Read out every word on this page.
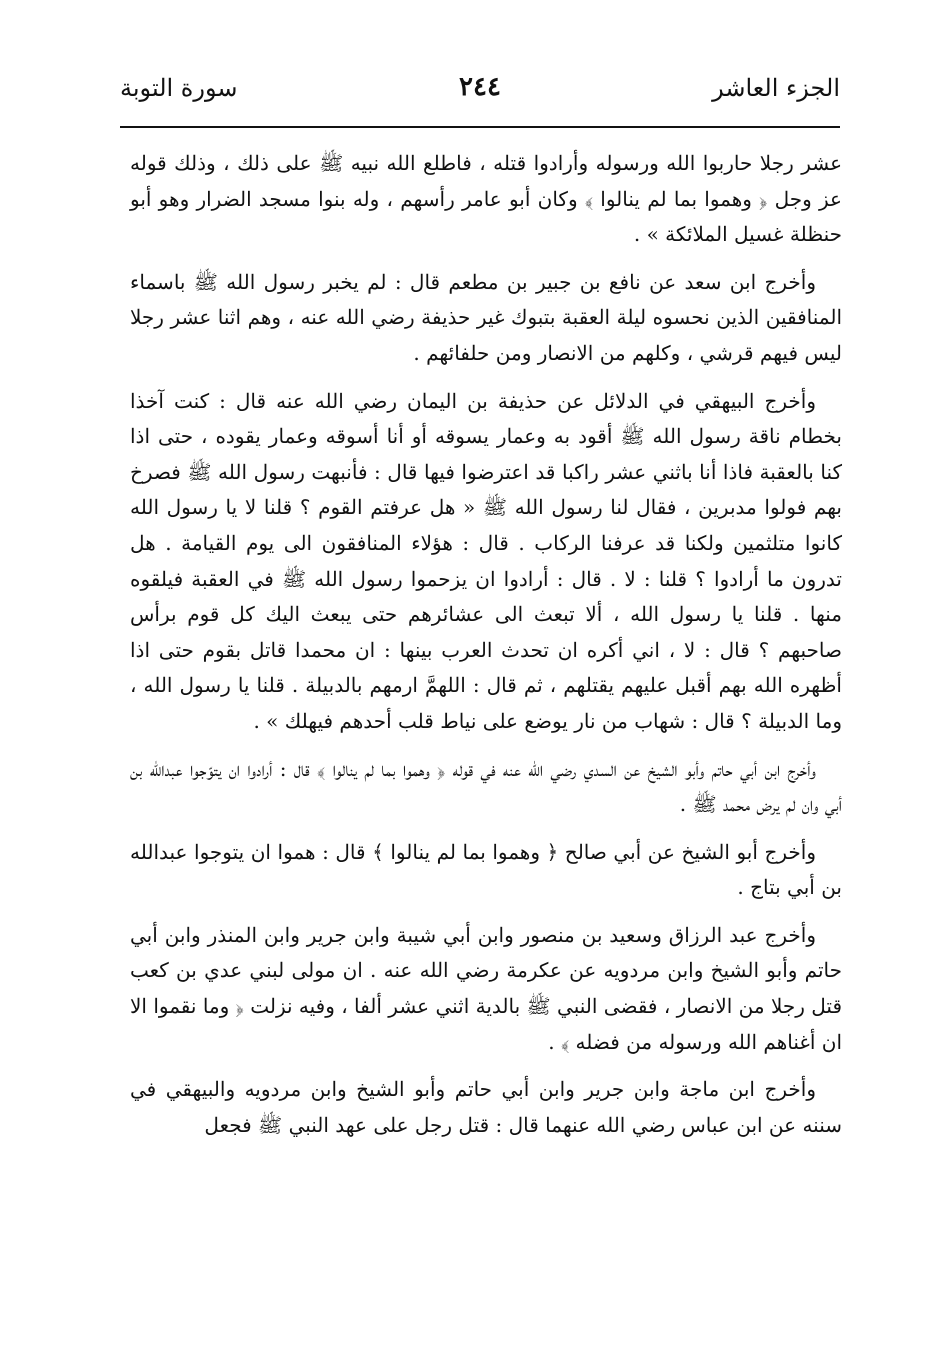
الجزء العاشر
٢٤٤
سورة التوبة

عشر رجلا حاربوا الله ورسوله وأرادوا قتله ، فاطلع الله نبيه ﷺ على ذلك ، وذلك قوله عز وجل ﴿ وهموا بما لم ينالوا ﴾ وكان أبو عامر رأسهم ، وله بنوا مسجد الضرار وهو أبو حنظلة غسيل الملائكة » .

وأخرج ابن سعد عن نافع بن جبير بن مطعم قال : لم يخبر رسول الله ﷺ باسماء المنافقين الذين نحسوه ليلة العقبة بتبوك غير حذيفة رضي الله عنه ، وهم اثنا عشر رجلا ليس فيهم قرشي ، وكلهم من الانصار ومن حلفائهم .

وأخرج البيهقي في الدلائل عن حذيفة بن اليمان رضي الله عنه قال : كنت آخذا بخطام ناقة رسول الله ﷺ أقود به وعمار يسوقه أو أنا أسوقه وعمار يقوده ، حتى اذا كنا بالعقبة فاذا أنا باثني عشر راكبا قد اعترضوا فيها قال : فأنبهت رسول الله ﷺ فصرخ بهم فولوا مدبرين ، فقال لنا رسول الله ﷺ « هل عرفتم القوم ؟ قلنا لا يا رسول الله كانوا متلثمين ولكنا قد عرفنا الركاب . قال : هؤلاء المنافقون الى يوم القيامة . هل تدرون ما أرادوا ؟ قلنا : لا . قال : أرادوا ان يزحموا رسول الله ﷺ في العقبة فيلقوه منها . قلنا يا رسول الله ، ألا تبعث الى عشائرهم حتى يبعث اليك كل قوم برأس صاحبهم ؟ قال : لا ، اني أكره ان تحدث العرب بينها : ان محمدا قاتل بقوم حتى اذا أظهره الله بهم أقبل عليهم يقتلهم ، ثم قال : اللهمَّ ارمهم بالدبيلة . قلنا يا رسول الله ، وما الدبيلة ؟ قال : شهاب من نار يوضع على نياط قلب أحدهم فيهلك » .

وأخرج ابن أبي حاتم وأبو الشيخ عن السدي رضي الله عنه في قوله ﴿ وهموا بما لم ينالوا ﴾ قال : أرادوا ان يتوّجوا عبدالله بن أبي وان لم يرض محمد ﷺ .

وأخرج أبو الشيخ عن أبي صالح ﴿ وهموا بما لم ينالوا ﴾ قال : هموا ان يتوجوا عبدالله بن أبي بتاج .

وأخرج عبد الرزاق وسعيد بن منصور وابن أبي شيبة وابن جرير وابن المنذر وابن أبي حاتم وأبو الشيخ وابن مردويه عن عكرمة رضي الله عنه . ان مولى لبني عدي بن كعب قتل رجلا من الانصار ، فقضى النبي ﷺ بالدية اثني عشر ألفا ، وفيه نزلت ﴿ وما نقموا الا ان أغناهم الله ورسوله من فضله ﴾ .

وأخرج ابن ماجة وابن جرير وابن أبي حاتم وأبو الشيخ وابن مردويه والبيهقي في سننه عن ابن عباس رضي الله عنهما قال : قتل رجل على عهد النبي ﷺ فجعل
